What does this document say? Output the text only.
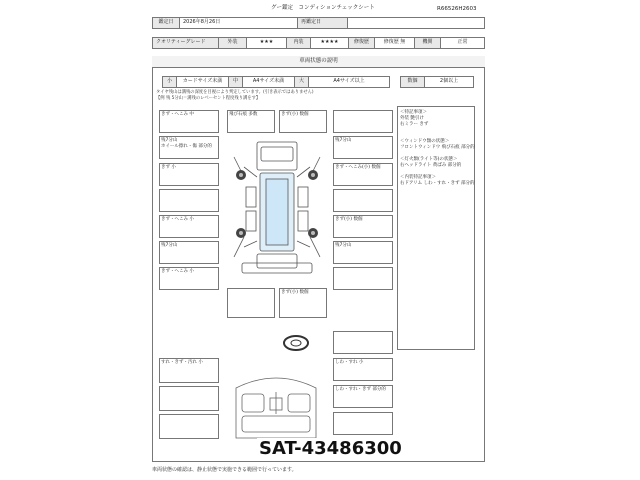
グー鑑定　コンディションチェックシート	R66526H2603
鑑定日	2026年8月26日	再鑑定日
クオリティーグレード	外装	★★★	内装	★★★★	修復歴	修復歴 無	機関	正常
車両状態の説明
小	カードサイズ未満	中	A4サイズ未満	大	A4サイズ以上	数個	2個以上
タイヤ残山は溝残の深度を目視により判定しています。(引き表示ではありません)
【例 残 5分山＝溝残のレベーセント程度残り溝をす】
＜特記事項＞
外装 艶引け
右ミラー きず
＜ウィンドウ類の状態＞
フロントウィンドウ 飛び石痕 部分的
＜灯火類(ライト等)の状態＞
右ヘッドライト 黄ばみ 部分的
＜内装特記事項＞
右ドアリム しわ・すれ・きず 部分的
きず・へこみ 中
残7分山
ホイール擦れ・傷 部分的
きず 小
きず・へこみ 小
残7分山
きず・へこみ 小
飛び石痕 多数	きず(小) 数個
残7分山
きず・へこみ(小) 数個
きず(小) 数個
残7分山
きず(小) 数個
すれ・きず・汚れ 小	しわ・すれ 小
しわ・すれ・きず 部分的
SAT-43486300
車両状態の確認は、静止状態で実施できる範囲で行っています。
